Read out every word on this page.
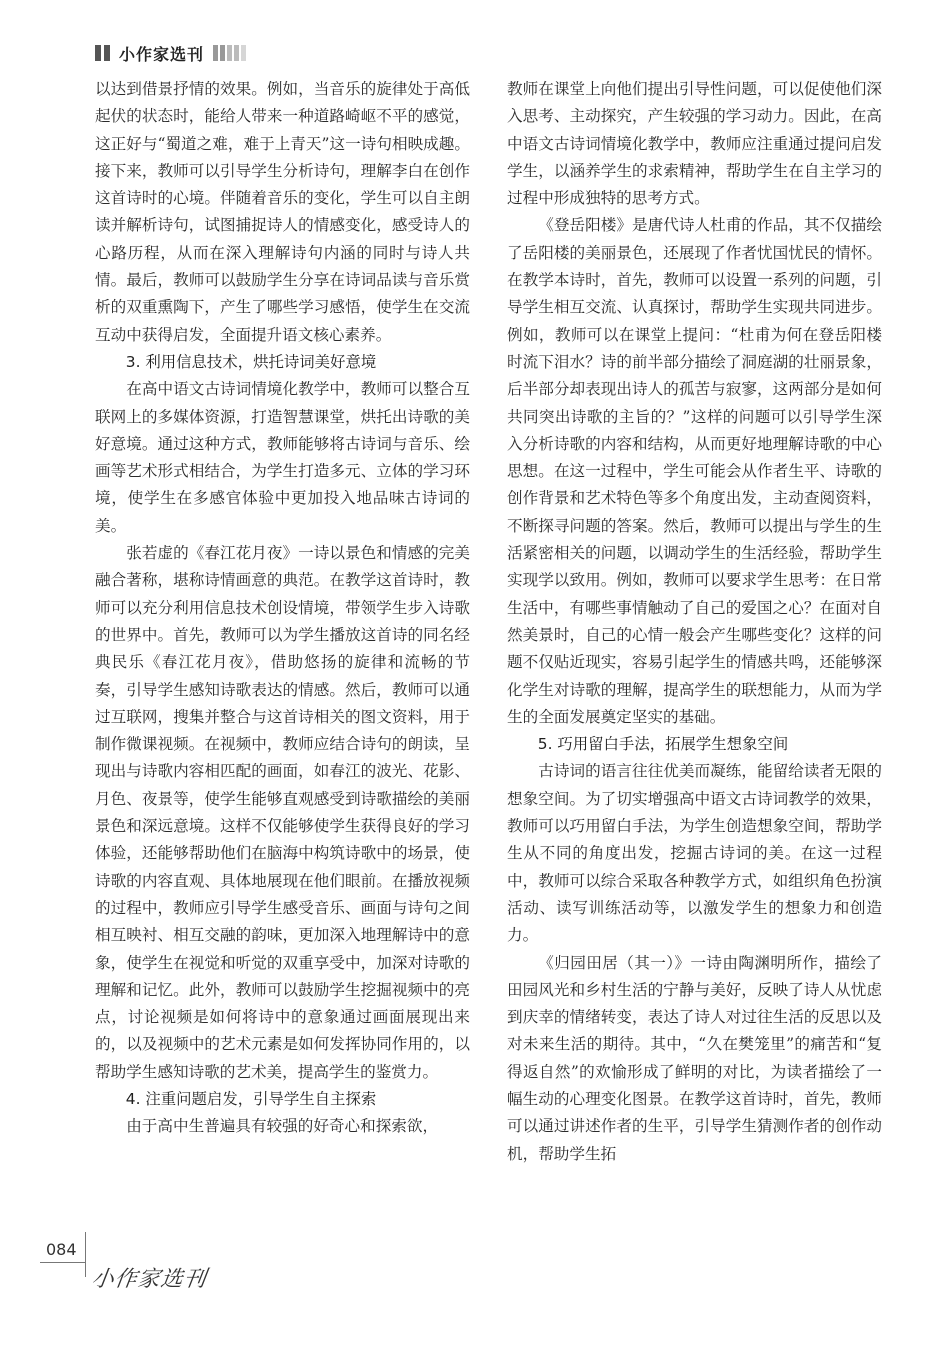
小作家选刊

以达到借景抒情的效果。例如，当音乐的旋律处于高低起伏的状态时，能给人带来一种道路崎岖不平的感觉，这正好与“蜀道之难，难于上青天”这一诗句相映成趣。接下来，教师可以引导学生分析诗句，理解李白在创作这首诗时的心境。伴随着音乐的变化，学生可以自主朗读并解析诗句，试图捕捉诗人的情感变化，感受诗人的心路历程，从而在深入理解诗句内涵的同时与诗人共情。最后，教师可以鼓励学生分享在诗词品读与音乐赏析的双重熏陶下，产生了哪些学习感悟，使学生在交流互动中获得启发，全面提升语文核心素养。

3. 利用信息技术，烘托诗词美好意境

在高中语文古诗词情境化教学中，教师可以整合互联网上的多媒体资源，打造智慧课堂，烘托出诗歌的美好意境。通过这种方式，教师能够将古诗词与音乐、绘画等艺术形式相结合，为学生打造多元、立体的学习环境，使学生在多感官体验中更加投入地品味古诗词的美。

张若虚的《春江花月夜》一诗以景色和情感的完美融合著称，堪称诗情画意的典范。在教学这首诗时，教师可以充分利用信息技术创设情境，带领学生步入诗歌的世界中。首先，教师可以为学生播放这首诗的同名经典民乐《春江花月夜》，借助悠扬的旋律和流畅的节奏，引导学生感知诗歌表达的情感。然后，教师可以通过互联网，搜集并整合与这首诗相关的图文资料，用于制作微课视频。在视频中，教师应结合诗句的朗读，呈现出与诗歌内容相匹配的画面，如春江的波光、花影、月色、夜景等，使学生能够直观感受到诗歌描绘的美丽景色和深远意境。这样不仅能够使学生获得良好的学习体验，还能够帮助他们在脑海中构筑诗歌中的场景，使诗歌的内容直观、具体地展现在他们眼前。在播放视频的过程中，教师应引导学生感受音乐、画面与诗句之间相互映衬、相互交融的韵味，更加深入地理解诗中的意象，使学生在视觉和听觉的双重享受中，加深对诗歌的理解和记忆。此外，教师可以鼓励学生挖掘视频中的亮点，讨论视频是如何将诗中的意象通过画面展现出来的，以及视频中的艺术元素是如何发挥协同作用的，以帮助学生感知诗歌的艺术美，提高学生的鉴赏力。

4. 注重问题启发，引导学生自主探索

由于高中生普遍具有较强的好奇心和探索欲，

教师在课堂上向他们提出引导性问题，可以促使他们深入思考、主动探究，产生较强的学习动力。因此，在高中语文古诗词情境化教学中，教师应注重通过提问启发学生，以涵养学生的求索精神，帮助学生在自主学习的过程中形成独特的思考方式。

《登岳阳楼》是唐代诗人杜甫的作品，其不仅描绘了岳阳楼的美丽景色，还展现了作者忧国忧民的情怀。在教学本诗时，首先，教师可以设置一系列的问题，引导学生相互交流、认真探讨，帮助学生实现共同进步。例如，教师可以在课堂上提问：“杜甫为何在登岳阳楼时流下泪水？诗的前半部分描绘了洞庭湖的壮丽景象，后半部分却表现出诗人的孤苦与寂寥，这两部分是如何共同突出诗歌的主旨的？”这样的问题可以引导学生深入分析诗歌的内容和结构，从而更好地理解诗歌的中心思想。在这一过程中，学生可能会从作者生平、诗歌的创作背景和艺术特色等多个角度出发，主动查阅资料，不断探寻问题的答案。然后，教师可以提出与学生的生活紧密相关的问题，以调动学生的生活经验，帮助学生实现学以致用。例如，教师可以要求学生思考：在日常生活中，有哪些事情触动了自己的爱国之心？在面对自然美景时，自己的心情一般会产生哪些变化？这样的问题不仅贴近现实，容易引起学生的情感共鸣，还能够深化学生对诗歌的理解，提高学生的联想能力，从而为学生的全面发展奠定坚实的基础。

5. 巧用留白手法，拓展学生想象空间

古诗词的语言往往优美而凝练，能留给读者无限的想象空间。为了切实增强高中语文古诗词教学的效果，教师可以巧用留白手法，为学生创造想象空间，帮助学生从不同的角度出发，挖掘古诗词的美。在这一过程中，教师可以综合采取各种教学方式，如组织角色扮演活动、读写训练活动等，以激发学生的想象力和创造力。

《归园田居（其一）》一诗由陶渊明所作，描绘了田园风光和乡村生活的宁静与美好，反映了诗人从忧虑到庆幸的情绪转变，表达了诗人对过往生活的反思以及对未来生活的期待。其中，“久在樊笼里”的痛苦和“复得返自然”的欢愉形成了鲜明的对比，为读者描绘了一幅生动的心理变化图景。在教学这首诗时，首先，教师可以通过讲述作者的生平，引导学生猜测作者的创作动机，帮助学生拓

084
小作家选刊
